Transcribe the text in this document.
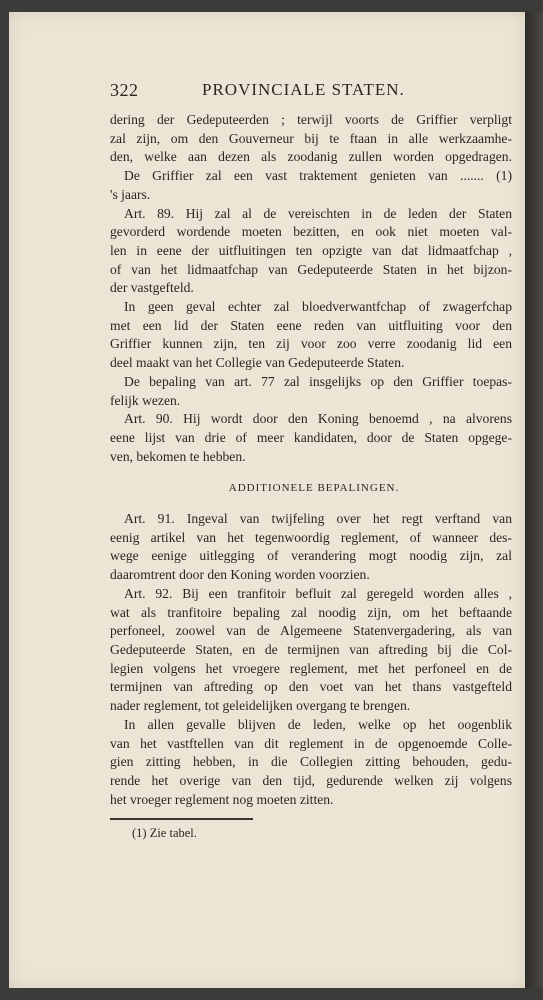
322	PROVINCIALE STATEN.
dering der Gedeputeerden ; terwijl voorts de Griffier verpligt
zal zijn, om den Gouverneur bij te ftaan in alle werkzaamhe-
den, welke aan dezen als zoodanig zullen worden opgedragen.
De Griffier zal een vast traktement genieten van ....... (1)
's jaars.
Art. 89. Hij zal al de vereischten in de leden der Staten
gevorderd wordende moeten bezitten, en ook niet moeten val-
len in eene der uitfluitingen ten opzigte van dat lidmaatfchap ,
of van het lidmaatfchap van Gedeputeerde Staten in het bijzon-
der vastgefteld.
In geen geval echter zal bloedverwantfchap of zwagerfchap
met een lid der Staten eene reden van uitfluiting voor den
Griffier kunnen zijn, ten zij voor zoo verre zoodanig lid een
deel maakt van het Collegie van Gedeputeerde Staten.
De bepaling van art. 77 zal insgelijks op den Griffier toepas-
felijk wezen.
Art. 90. Hij wordt door den Koning benoemd , na alvorens
eene lijst van drie of meer kandidaten, door de Staten opgege-
ven, bekomen te hebben.
ADDITIONELE BEPALINGEN.
Art. 91. Ingeval van twijfeling over het regt verftand van
eenig artikel van het tegenwoordig reglement, of wanneer des-
wege eenige uitlegging of verandering mogt noodig zijn, zal
daaromtrent door den Koning worden voorzien.
Art. 92. Bij een tranfitoir befluit zal geregeld worden alles ,
wat als tranfitoire bepaling zal noodig zijn, om het beftaande
perfoneel, zoowel van de Algemeene Statenvergadering, als van
Gedeputeerde Staten, en de termijnen van aftreding bij die Col-
legien volgens het vroegere reglement, met het perfoneel en de
termijnen van aftreding op den voet van het thans vastgefteld
nader reglement, tot geleidelijken overgang te brengen.
In allen gevalle blijven de leden, welke op het oogenblik
van het vastftellen van dit reglement in de opgenoemde Colle-
gien zitting hebben, in die Collegien zitting behouden, gedu-
rende het overige van den tijd, gedurende welken zij volgens
het vroeger reglement nog moeten zitten.
(1) Zie tabel.
